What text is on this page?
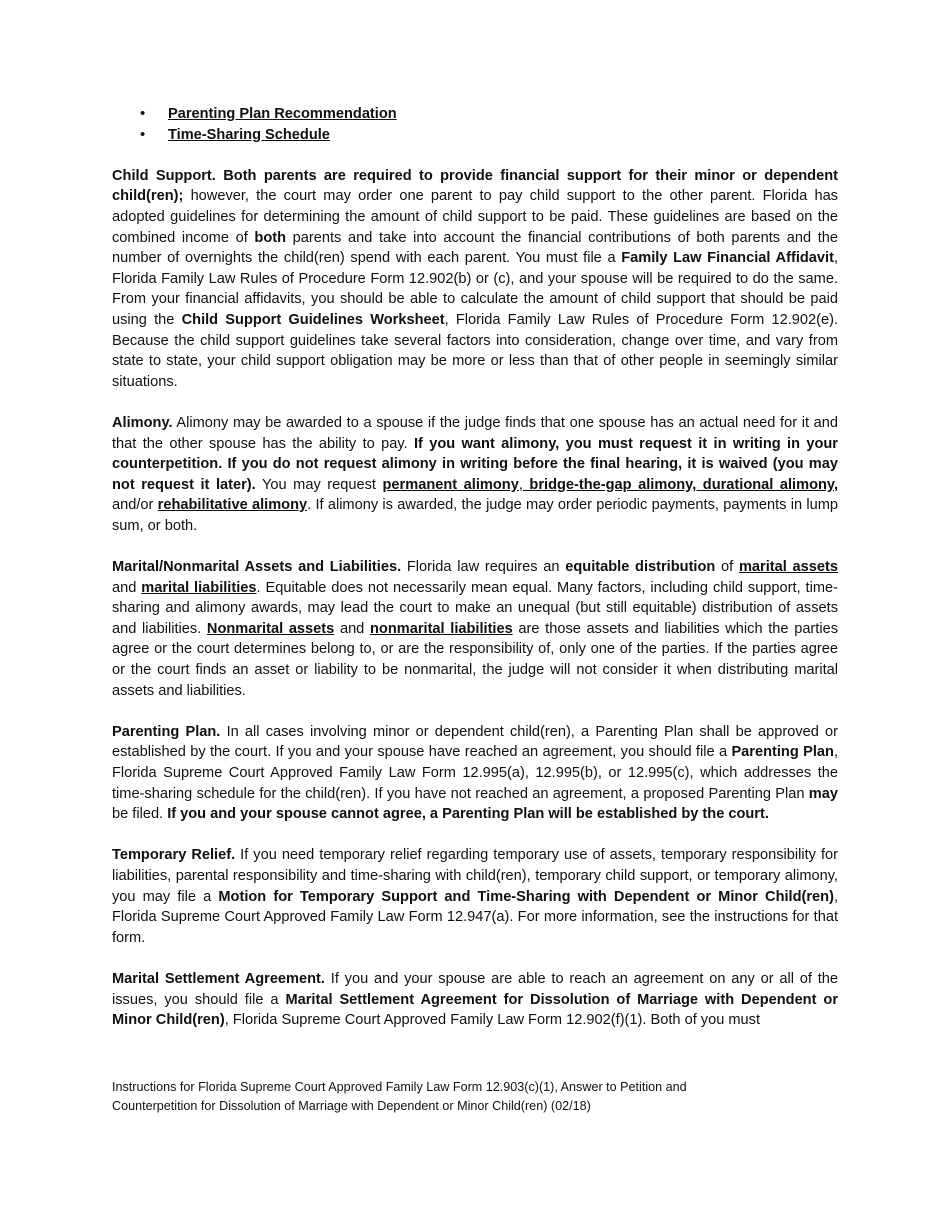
• Parenting Plan Recommendation
• Time-Sharing Schedule

Child Support. Both parents are required to provide financial support for their minor or dependent child(ren); however, the court may order one parent to pay child support to the other parent. Florida has adopted guidelines for determining the amount of child support to be paid. These guidelines are based on the combined income of both parents and take into account the financial contributions of both parents and the number of overnights the child(ren) spend with each parent. You must file a Family Law Financial Affidavit, Florida Family Law Rules of Procedure Form 12.902(b) or (c), and your spouse will be required to do the same. From your financial affidavits, you should be able to calculate the amount of child support that should be paid using the Child Support Guidelines Worksheet, Florida Family Law Rules of Procedure Form 12.902(e). Because the child support guidelines take several factors into consideration, change over time, and vary from state to state, your child support obligation may be more or less than that of other people in seemingly similar situations.

Alimony. Alimony may be awarded to a spouse if the judge finds that one spouse has an actual need for it and that the other spouse has the ability to pay. If you want alimony, you must request it in writing in your counterpetition. If you do not request alimony in writing before the final hearing, it is waived (you may not request it later). You may request permanent alimony, bridge-the-gap alimony, durational alimony, and/or rehabilitative alimony. If alimony is awarded, the judge may order periodic payments, payments in lump sum, or both.

Marital/Nonmarital Assets and Liabilities. Florida law requires an equitable distribution of marital assets and marital liabilities. Equitable does not necessarily mean equal. Many factors, including child support, time-sharing and alimony awards, may lead the court to make an unequal (but still equitable) distribution of assets and liabilities. Nonmarital assets and nonmarital liabilities are those assets and liabilities which the parties agree or the court determines belong to, or are the responsibility of, only one of the parties. If the parties agree or the court finds an asset or liability to be nonmarital, the judge will not consider it when distributing marital assets and liabilities.

Parenting Plan. In all cases involving minor or dependent child(ren), a Parenting Plan shall be approved or established by the court. If you and your spouse have reached an agreement, you should file a Parenting Plan, Florida Supreme Court Approved Family Law Form 12.995(a), 12.995(b), or 12.995(c), which addresses the time-sharing schedule for the child(ren). If you have not reached an agreement, a proposed Parenting Plan may be filed. If you and your spouse cannot agree, a Parenting Plan will be established by the court.

Temporary Relief. If you need temporary relief regarding temporary use of assets, temporary responsibility for liabilities, parental responsibility and time-sharing with child(ren), temporary child support, or temporary alimony, you may file a Motion for Temporary Support and Time-Sharing with Dependent or Minor Child(ren), Florida Supreme Court Approved Family Law Form 12.947(a). For more information, see the instructions for that form.

Marital Settlement Agreement. If you and your spouse are able to reach an agreement on any or all of the issues, you should file a Marital Settlement Agreement for Dissolution of Marriage with Dependent or Minor Child(ren), Florida Supreme Court Approved Family Law Form 12.902(f)(1). Both of you must

Instructions for Florida Supreme Court Approved Family Law Form 12.903(c)(1), Answer to Petition and
Counterpetition for Dissolution of Marriage with Dependent or Minor Child(ren) (02/18)
